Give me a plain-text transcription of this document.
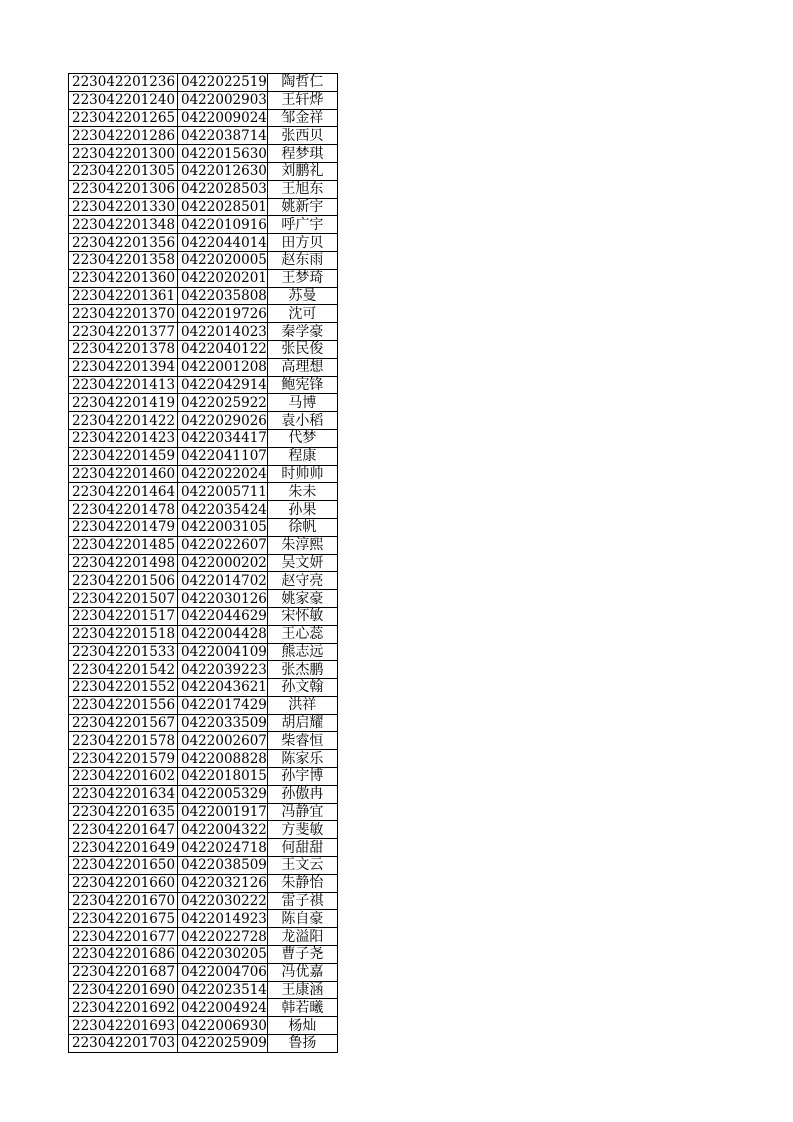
223042201236	0422022519	陶哲仁
223042201240	0422002903	王轩烨
223042201265	0422009024	邹金祥
223042201286	0422038714	张西贝
223042201300	0422015630	程梦琪
223042201305	0422012630	刘鹏礼
223042201306	0422028503	王旭东
223042201330	0422028501	姚新宇
223042201348	0422010916	呼广宇
223042201356	0422044014	田方贝
223042201358	0422020005	赵东雨
223042201360	0422020201	王梦琦
223042201361	0422035808	苏曼
223042201370	0422019726	沈可
223042201377	0422014023	秦学豪
223042201378	0422040122	张民俊
223042201394	0422001208	高理想
223042201413	0422042914	鲍宪锋
223042201419	0422025922	马博
223042201422	0422029026	袁小稻
223042201423	0422034417	代梦
223042201459	0422041107	程康
223042201460	0422022024	时帅帅
223042201464	0422005711	朱未
223042201478	0422035424	孙果
223042201479	0422003105	徐帆
223042201485	0422022607	朱淳熙
223042201498	0422000202	吴文妍
223042201506	0422014702	赵守亮
223042201507	0422030126	姚家豪
223042201517	0422044629	宋怀敏
223042201518	0422004428	王心蕊
223042201533	0422004109	熊志远
223042201542	0422039223	张杰鹏
223042201552	0422043621	孙文翰
223042201556	0422017429	洪祥
223042201567	0422033509	胡启耀
223042201578	0422002607	柴睿恒
223042201579	0422008828	陈家乐
223042201602	0422018015	孙宇博
223042201634	0422005329	孙傲冉
223042201635	0422001917	冯静宜
223042201647	0422004322	方斐敏
223042201649	0422024718	何甜甜
223042201650	0422038509	王文云
223042201660	0422032126	朱静怡
223042201670	0422030222	雷子祺
223042201675	0422014923	陈自豪
223042201677	0422022728	龙溢阳
223042201686	0422030205	曹子尧
223042201687	0422004706	冯优嘉
223042201690	0422023514	王康涵
223042201692	0422004924	韩若曦
223042201693	0422006930	杨灿
223042201703	0422025909	鲁扬
